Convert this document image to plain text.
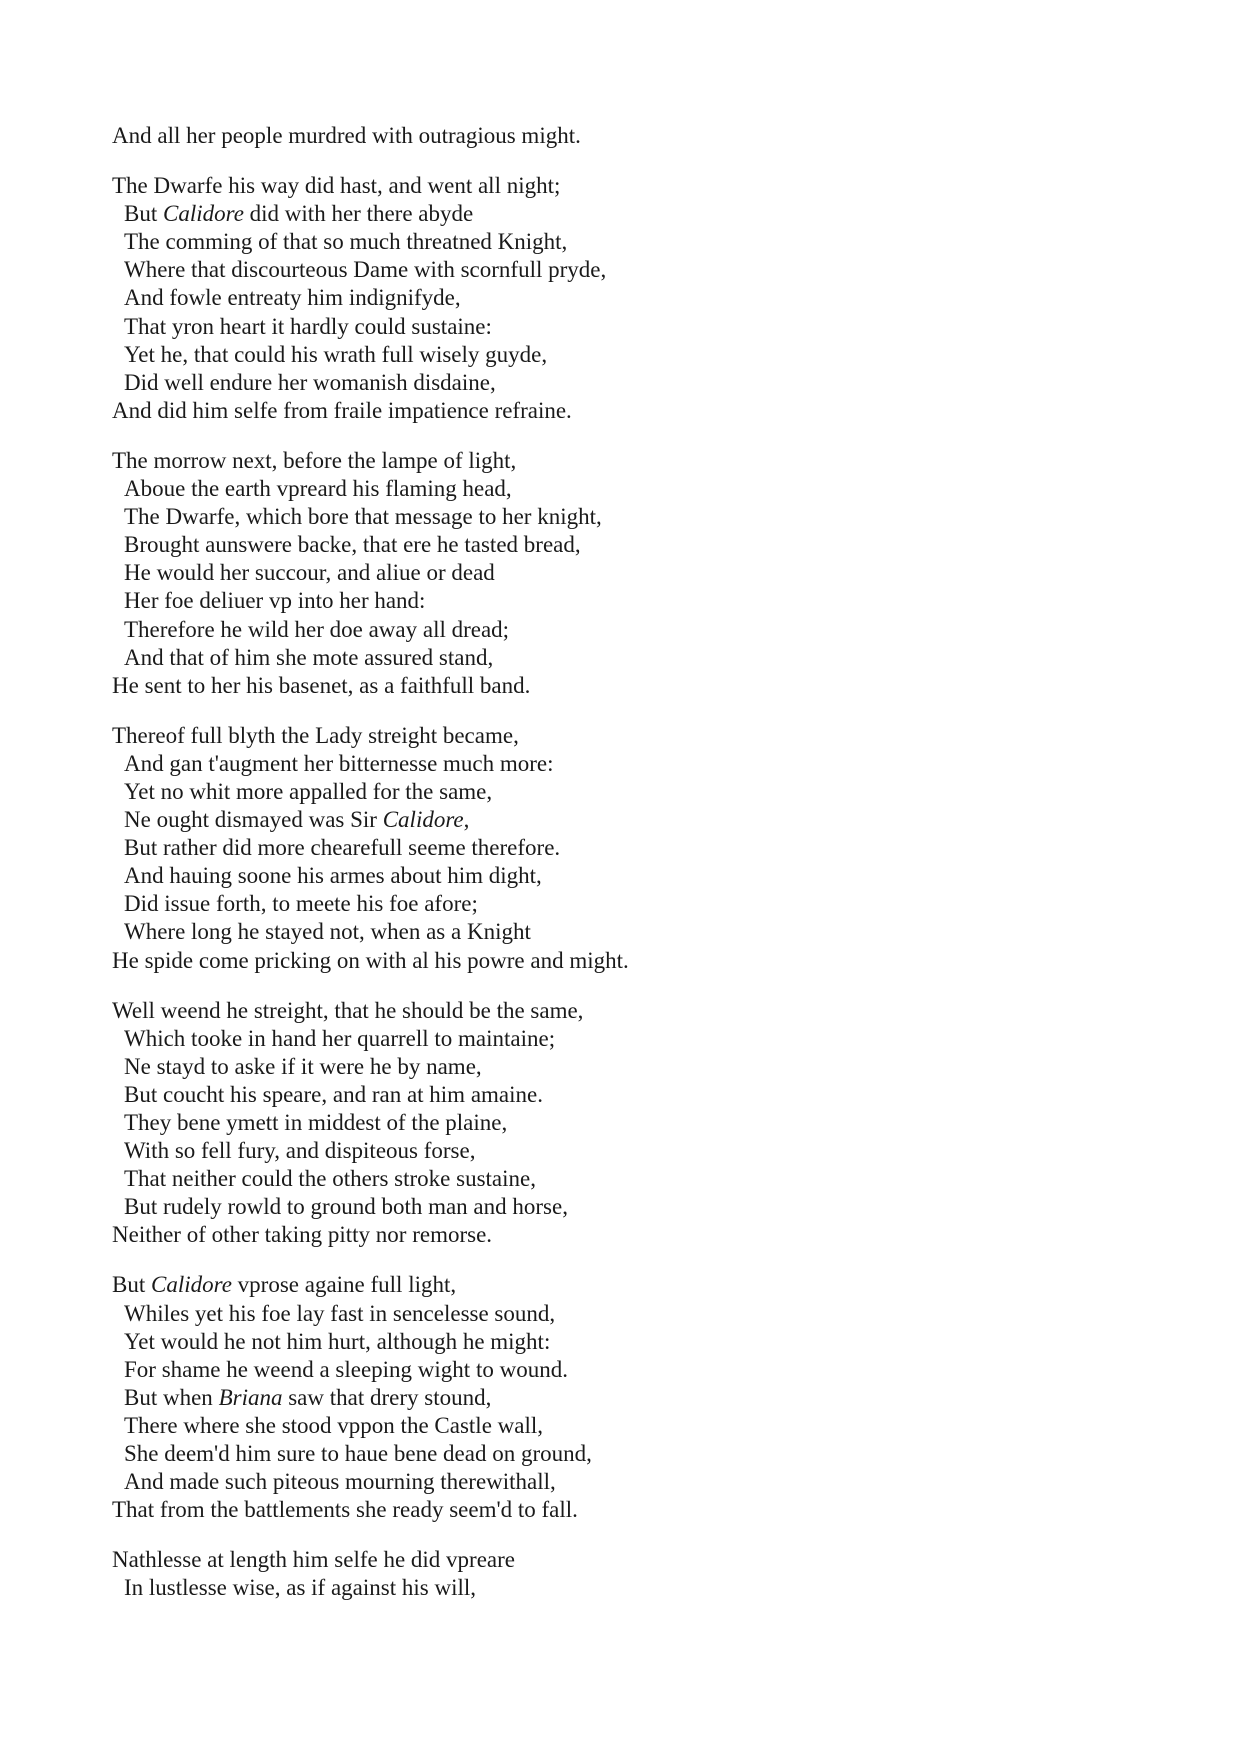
And all her people murdred with outragious might.
The Dwarfe his way did hast, and went all night;
But Calidore did with her there abyde
The comming of that so much threatned Knight,
Where that discourteous Dame with scornfull pryde,
And fowle entreaty him indignifyde,
That yron heart it hardly could sustaine:
Yet he, that could his wrath full wisely guyde,
Did well endure her womanish disdaine,
And did him selfe from fraile impatience refraine.
The morrow next, before the lampe of light,
Aboue the earth vpreard his flaming head,
The Dwarfe, which bore that message to her knight,
Brought aunswere backe, that ere he tasted bread,
He would her succour, and aliue or dead
Her foe deliuer vp into her hand:
Therefore he wild her doe away all dread;
And that of him she mote assured stand,
He sent to her his basenet, as a faithfull band.
Thereof full blyth the Lady streight became,
And gan t'augment her bitternesse much more:
Yet no whit more appalled for the same,
Ne ought dismayed was Sir Calidore,
But rather did more chearefull seeme therefore.
And hauing soone his armes about him dight,
Did issue forth, to meete his foe afore;
Where long he stayed not, when as a Knight
He spide come pricking on with al his powre and might.
Well weend he streight, that he should be the same,
Which tooke in hand her quarrell to maintaine;
Ne stayd to aske if it were he by name,
But coucht his speare, and ran at him amaine.
They bene ymett in middest of the plaine,
With so fell fury, and dispiteous forse,
That neither could the others stroke sustaine,
But rudely rowld to ground both man and horse,
Neither of other taking pitty nor remorse.
But Calidore vprose againe full light,
Whiles yet his foe lay fast in sencelesse sound,
Yet would he not him hurt, although he might:
For shame he weend a sleeping wight to wound.
But when Briana saw that drery stound,
There where she stood vppon the Castle wall,
She deem'd him sure to haue bene dead on ground,
And made such piteous mourning therewithall,
That from the battlements she ready seem'd to fall.
Nathlesse at length him selfe he did vpreare
In lustlesse wise, as if against his will,
